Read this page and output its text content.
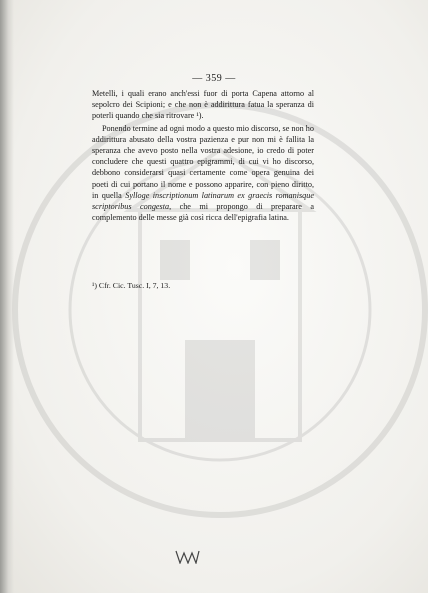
— 359 —

Metelli, i quali erano anch'essi fuor di porta Capena attorno al sepolcro dei Scipioni; e che non è addirittura fatua la speranza di poterli quando che sia ritrovare ¹).

Ponendo termine ad ogni modo a questo mio discorso, se non ho addirittura abusato della vostra pazienza e pur non mi è fallita la speranza che avevo posto nella vostra adesione, io credo di poter concludere che questi quattro epigrammi, di cui vi ho discorso, debbono considerarsi quasi certamente come opera genuina dei poeti di cui portano il nome e possono apparire, con pieno diritto, in quella Sylloge inscriptionum latinarum ex graecis romanisque scriptoribus congesta, che mi propongo di preparare a complemento delle messe già così ricca dell'epigrafia latina.

¹) Cfr. Cic. Tusc. I, 7, 13.
